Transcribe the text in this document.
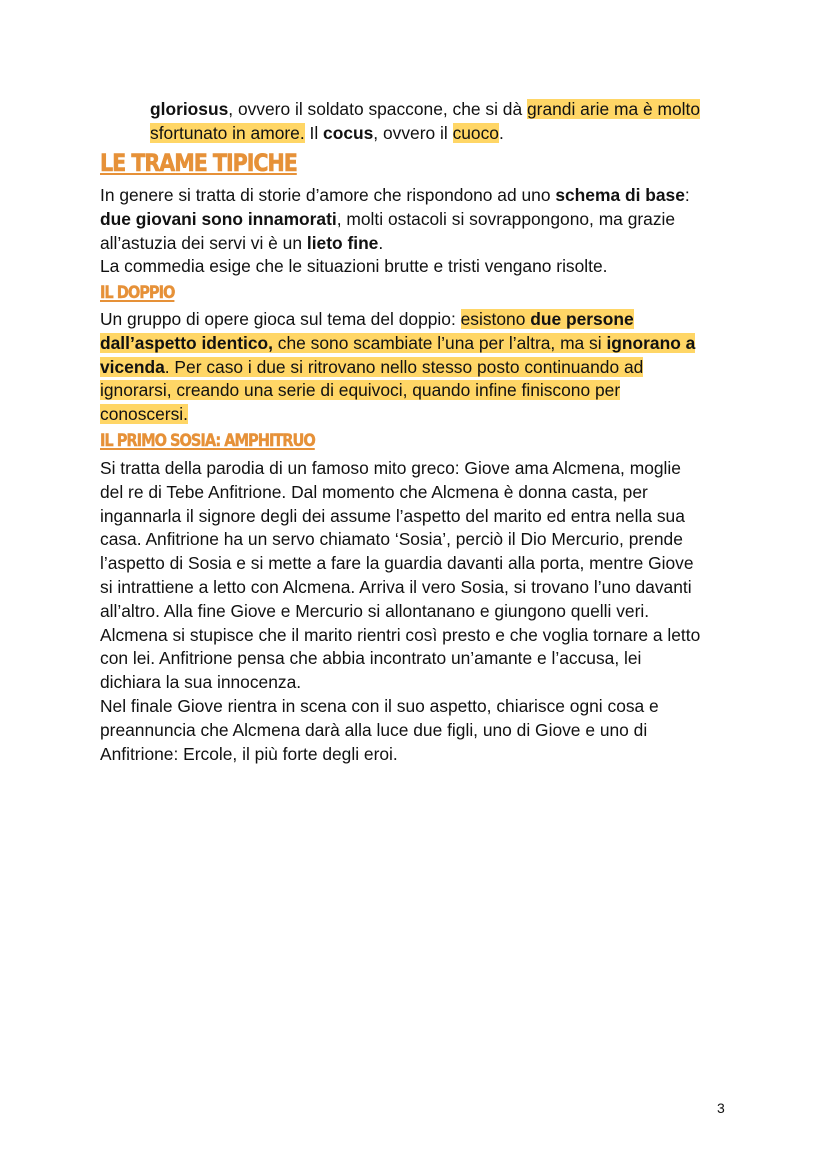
gloriosus, ovvero il soldato spaccone, che si dà grandi arie ma è molto
sfortunato in amore. Il cocus, ovvero il cuoco.
LE TRAME TIPICHE
In genere si tratta di storie d’amore che rispondono ad uno schema di base:
due giovani sono innamorati, molti ostacoli si sovrappongono, ma grazie
all’astuzia dei servi vi è un lieto fine.
La commedia esige che le situazioni brutte e tristi vengano risolte.
IL DOPPIO
Un gruppo di opere gioca sul tema del doppio: esistono due persone
dall’aspetto identico, che sono scambiate l’una per l’altra, ma si ignorano a
vicenda. Per caso i due si ritrovano nello stesso posto continuando ad
ignorarsi, creando una serie di equivoci, quando infine finiscono per
conoscersi.
IL PRIMO SOSIA: AMPHITRUO
Si tratta della parodia di un famoso mito greco: Giove ama Alcmena, moglie
del re di Tebe Anfitrione. Dal momento che Alcmena è donna casta, per
ingannarla il signore degli dei assume l’aspetto del marito ed entra nella sua
casa. Anfitrione ha un servo chiamato ‘Sosia’, perciò il Dio Mercurio, prende
l’aspetto di Sosia e si mette a fare la guardia davanti alla porta, mentre Giove
si intrattiene a letto con Alcmena. Arriva il vero Sosia, si trovano l’uno davanti
all’altro. Alla fine Giove e Mercurio si allontanano e giungono quelli veri.
Alcmena si stupisce che il marito rientri così presto e che voglia tornare a letto
con lei. Anfitrione pensa che abbia incontrato un’amante e l’accusa, lei
dichiara la sua innocenza.
Nel finale Giove rientra in scena con il suo aspetto, chiarisce ogni cosa e
preannuncia che Alcmena darà alla luce due figli, uno di Giove e uno di
Anfitrione: Ercole, il più forte degli eroi.
3
